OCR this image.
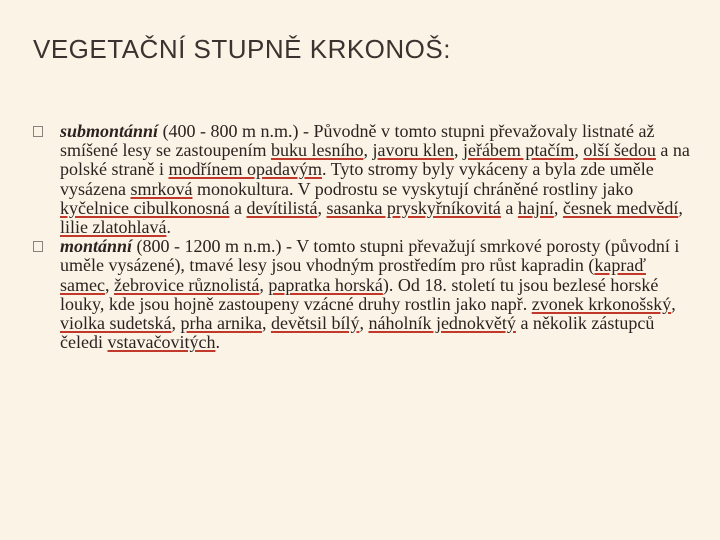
VEGETAČNÍ STUPNĚ KRKONOŠ:
submontánní (400 - 800 m n.m.) - Původně v tomto stupni převažovaly listnaté až smíšené lesy se zastoupením buku lesního, javoru klen, jeřábem ptačím, olší šedou a na polské straně i modřínem opadavým. Tyto stromy byly vykáceny a byla zde uměle vysázena smrková monokultura. V podrostu se vyskytují chráněné rostliny jako kyčelnice cibulkonosná a devítilistá, sasanka pryskyřníkovitá a hajní, česnek medvědí, lilie zlatohlavá.
montánní (800 - 1200 m n.m.) - V tomto stupni převažují smrkové porosty (původní i uměle vysázené), tmavé lesy jsou vhodným prostředím pro růst kapradin (kapraď samec, žebrovice různolistá, papratka horská). Od 18. století tu jsou bezlesé horské louky, kde jsou hojně zastoupeny vzácné druhy rostlin jako např. zvonek krkonošský, violka sudetská, prha arnika, devětsil bílý, náholník jednokvětý a několik zástupců čeledi vstavačovitých.
